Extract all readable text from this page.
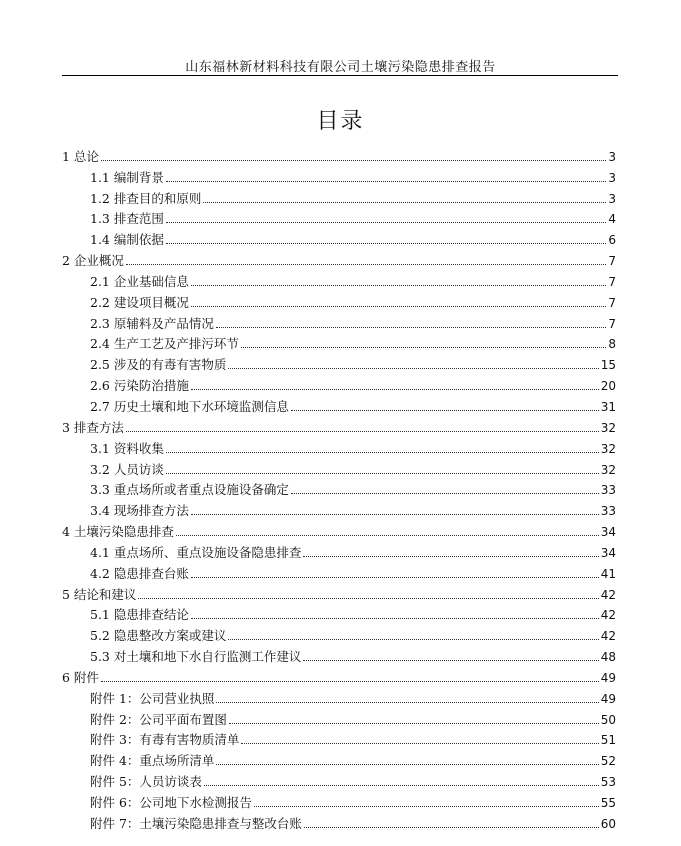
山东福林新材料科技有限公司土壤污染隐患排查报告
目录
1 总论	3
1.1 编制背景	3
1.2 排查目的和原则	3
1.3 排查范围	4
1.4 编制依据	6
2 企业概况	7
2.1 企业基础信息	7
2.2 建设项目概况	7
2.3 原辅料及产品情况	7
2.4 生产工艺及产排污环节	8
2.5 涉及的有毒有害物质	15
2.6 污染防治措施	20
2.7 历史土壤和地下水环境监测信息	31
3 排查方法	32
3.1 资料收集	32
3.2 人员访谈	32
3.3 重点场所或者重点设施设备确定	33
3.4 现场排查方法	33
4 土壤污染隐患排查	34
4.1 重点场所、重点设施设备隐患排查	34
4.2 隐患排查台账	41
5 结论和建议	42
5.1 隐患排查结论	42
5.2 隐患整改方案或建议	42
5.3 对土壤和地下水自行监测工作建议	48
6 附件	49
附件 1：公司营业执照	49
附件 2：公司平面布置图	50
附件 3：有毒有害物质清单	51
附件 4：重点场所清单	52
附件 5：人员访谈表	53
附件 6：公司地下水检测报告	55
附件 7：土壤污染隐患排查与整改台账	60
